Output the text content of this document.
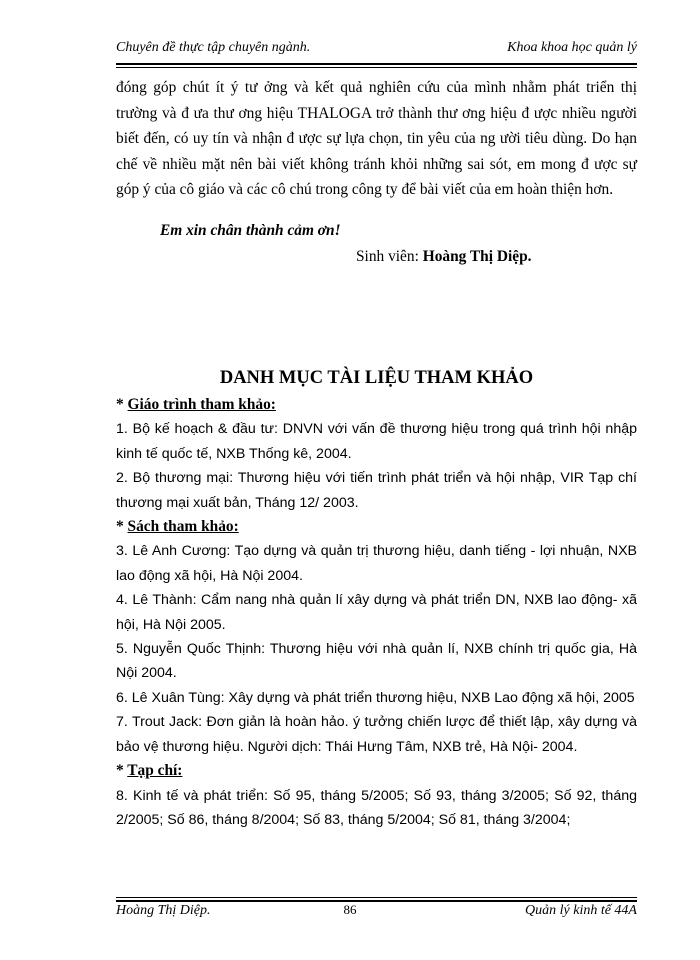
Chuyên đề thực tập chuyên ngành.	Khoa khoa học quản lý
đóng góp chút ít ý tư ởng và kết quả nghiên cứu của mình nhằm phát triển thị trường và đ ưa thư ơng hiệu THALOGA trở thành thư ơng hiệu đ ược nhiều người biết đến, có uy tín và nhận đ ược sự lựa chọn, tin yêu của ng ười tiêu dùng. Do hạn chế về nhiều mặt nên bài viết không tránh khỏi những sai sót, em mong đ ược sự góp ý của cô giáo và các cô chú trong công ty để bài viết của em hoàn thiện hơn.
Em xin chân thành cảm ơn!
Sinh viên: Hoàng Thị Diệp.
DANH MỤC TÀI LIỆU THAM KHẢO
* Giáo trình tham khảo:

1. Bộ kế hoạch & đầu tư: DNVN với vấn đề thương hiệu trong quá trình hội nhập kinh tế quốc tế, NXB Thống kê, 2004.

2. Bộ thương mại: Thương hiệu với tiến trình phát triển và hội nhập, VIR Tạp chí thương mại xuất bản, Tháng 12/ 2003.

* Sách tham khảo:

3. Lê Anh Cương: Tạo dựng và quản trị thương hiệu, danh tiếng - lợi nhuận, NXB lao động xã hội, Hà Nội 2004.

4. Lê Thành: Cẩm nang nhà quản lí xây dựng và phát triển DN, NXB lao động- xã hội, Hà Nội 2005.

5. Nguyễn Quốc Thịnh: Thương hiệu với nhà quản lí, NXB chính trị quốc gia, Hà Nội 2004.

6. Lê Xuân Tùng: Xây dựng và phát triển thương hiệu, NXB Lao động xã hội, 2005

7. Trout Jack: Đơn giản là hoàn hảo. ý tưởng chiến lược để thiết lập, xây dựng và bảo vệ thương hiệu. Người dịch: Thái Hưng Tâm, NXB trẻ, Hà Nội- 2004.

* Tạp chí:

8. Kinh tế và phát triển: Số 95, tháng 5/2005; Số 93, tháng 3/2005; Số 92, tháng 2/2005; Số 86, tháng 8/2004; Số 83, tháng 5/2004; Số 81, tháng 3/2004;

Hoàng Thị Diệp.	Quản lý kinh tế 44A
86
